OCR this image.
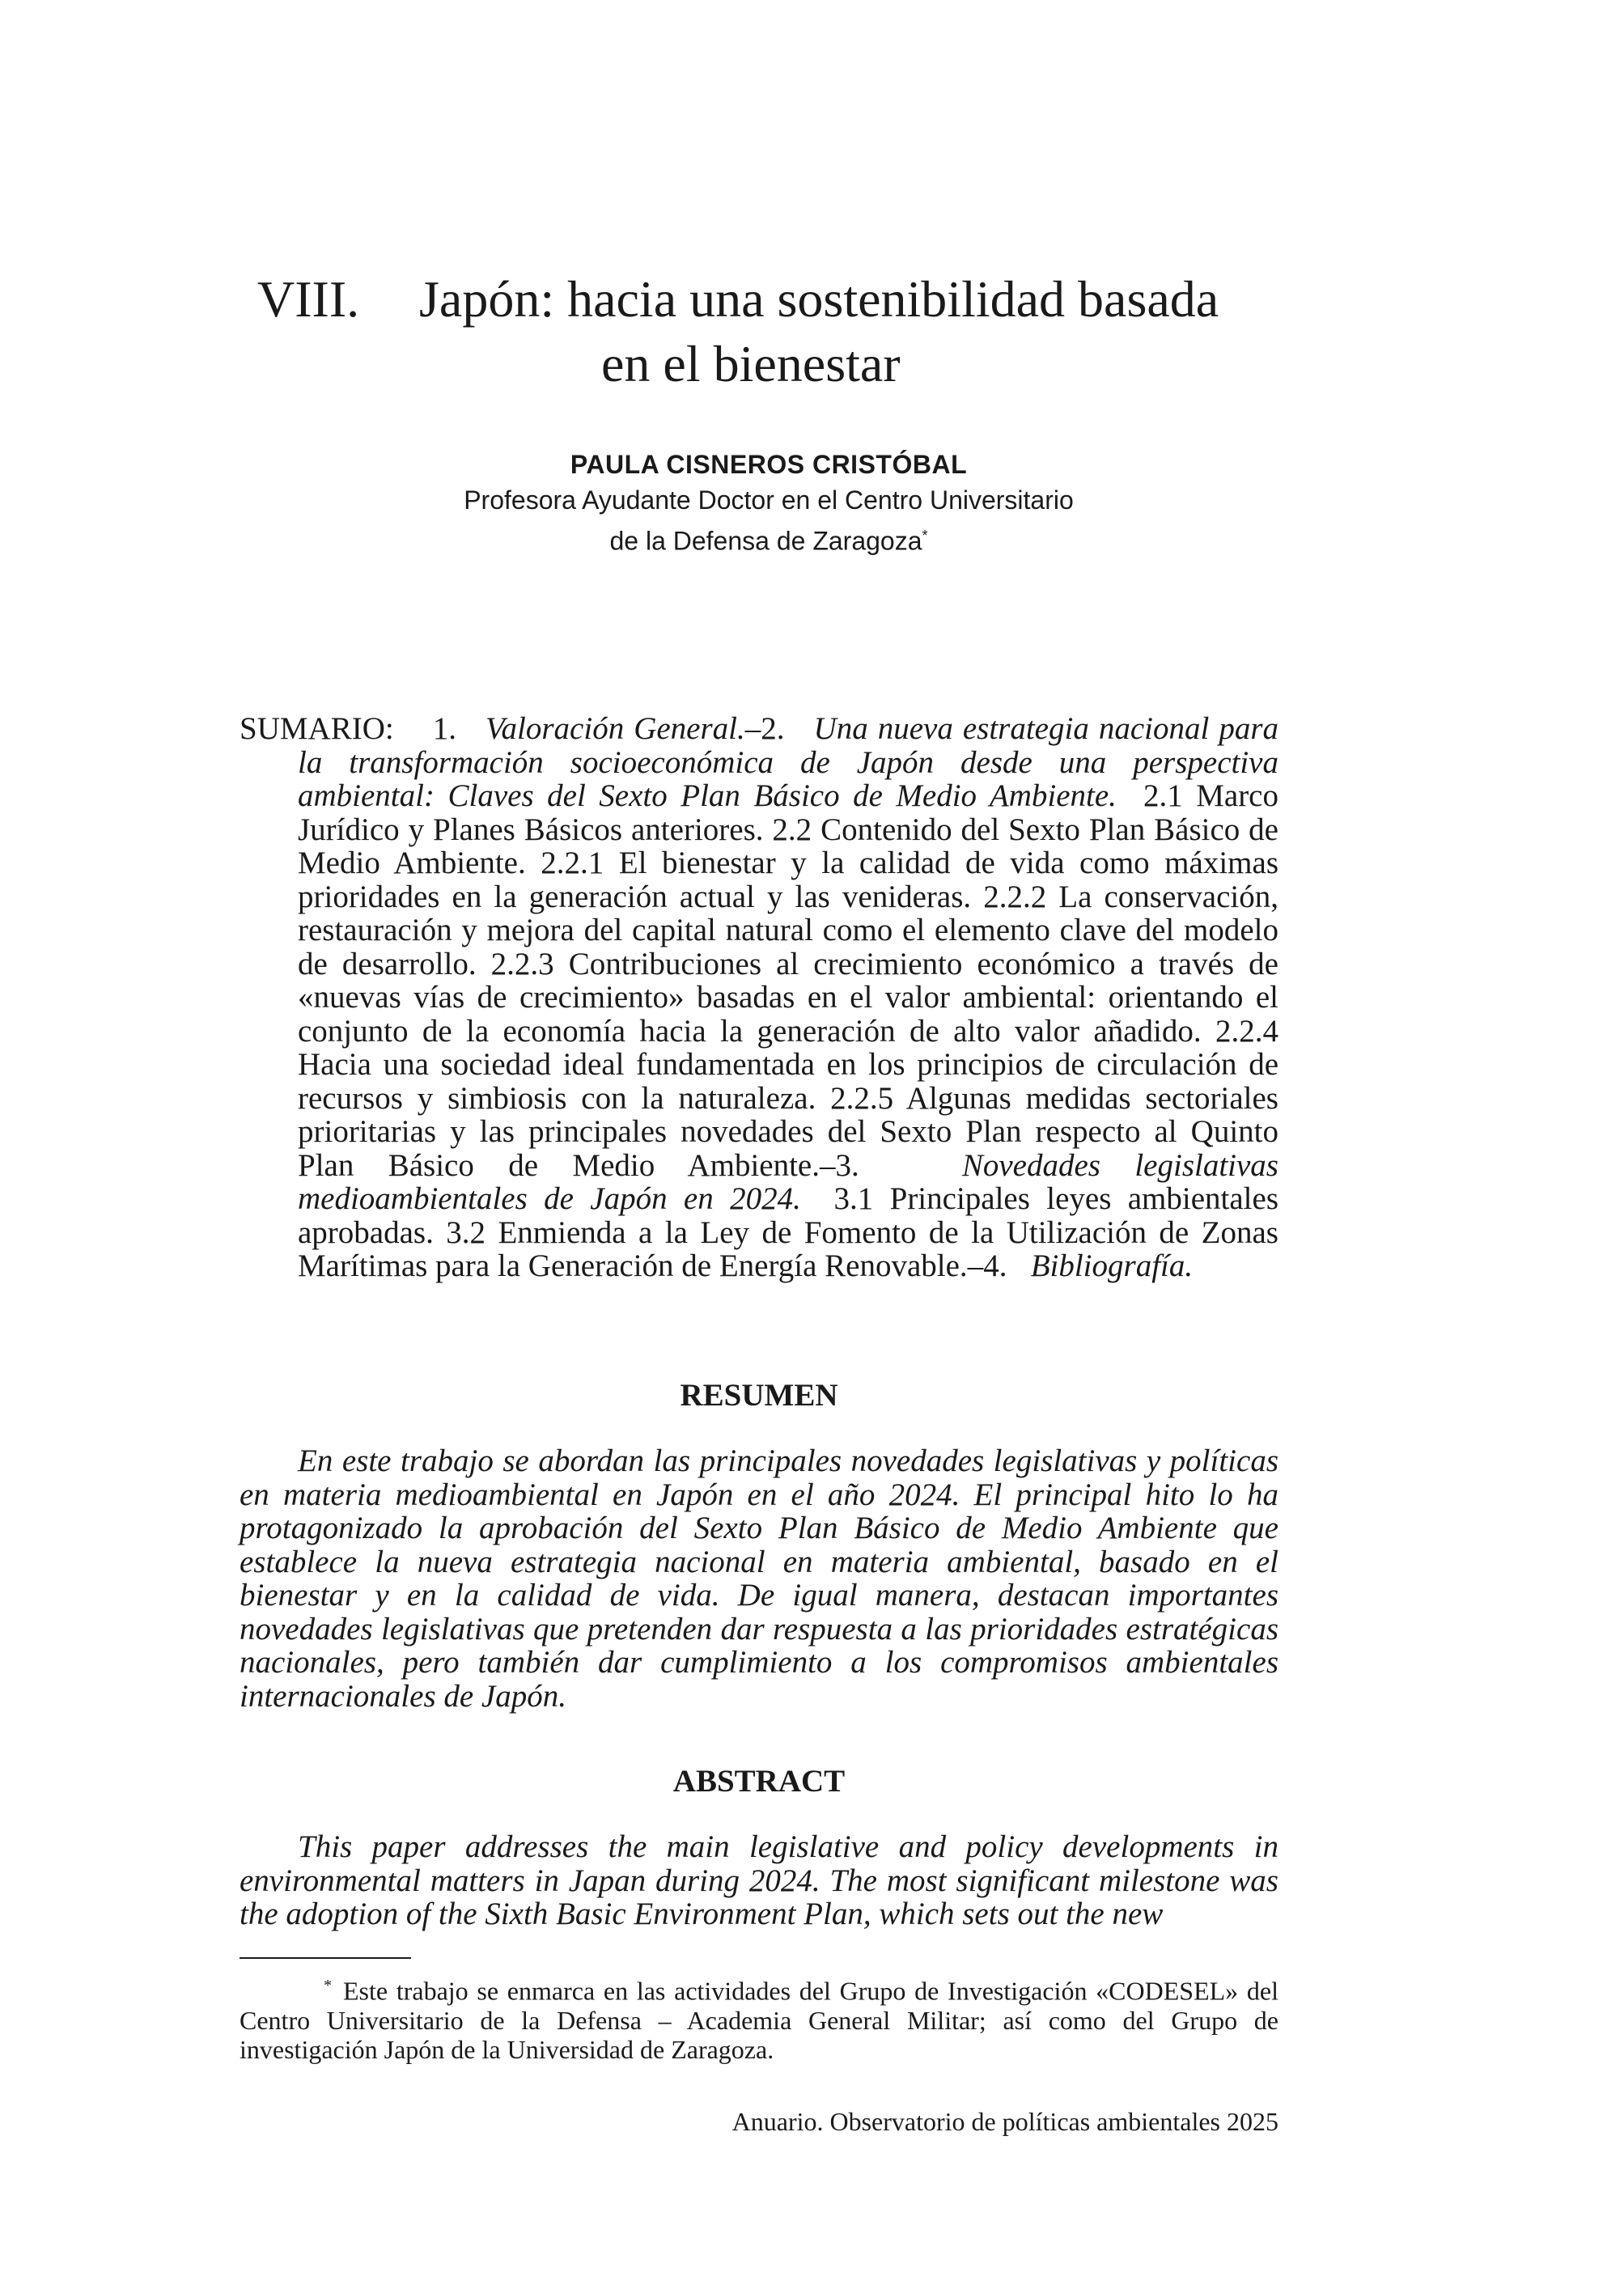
VIII. Japón: hacia una sostenibilidad basada
en el bienestar
PAULA CISNEROS CRISTÓBAL
Profesora Ayudante Doctor en el Centro Universitario
de la Defensa de Zaragoza*

SUMARIO: 1. Valoración General.–2. Una nueva estrategia nacional para la transformación socioeconómica de Japón desde una perspectiva ambiental: Claves del Sexto Plan Básico de Medio Ambiente. 2.1 Marco Jurídico y Planes Básicos anteriores. 2.2 Contenido del Sexto Plan Básico de Medio Ambiente. 2.2.1 El bienestar y la calidad de vida como máximas prioridades en la generación actual y las venideras. 2.2.2 La conservación, restauración y mejora del capital natural como el elemento clave del modelo de desarrollo. 2.2.3 Contribuciones al crecimiento económico a través de «nuevas vías de crecimiento» basadas en el valor ambiental: orientando el conjunto de la economía hacia la generación de alto valor añadido. 2.2.4 Hacia una sociedad ideal fundamentada en los principios de circulación de recursos y simbiosis con la naturaleza. 2.2.5 Algunas medidas sectoriales prioritarias y las principales novedades del Sexto Plan respecto al Quinto Plan Básico de Medio Ambiente.–3.	Novedades legislativas medioambientales de Japón en 2024. 3.1 Principales leyes ambientales aprobadas. 3.2 Enmienda a la Ley de Fomento de la Utilización de Zonas Marítimas para la Generación de Energía Renovable.–4. Bibliografía.

RESUMEN

En este trabajo se abordan las principales novedades legislativas y políticas en materia medioambiental en Japón en el año 2024. El principal hito lo ha protagonizado la aprobación del Sexto Plan Básico de Medio Ambiente que establece la nueva estrategia nacional en materia ambiental, basado en el bienestar y en la calidad de vida. De igual manera, destacan importantes novedades legislativas que pretenden dar respuesta a las prioridades estratégicas nacionales, pero también dar cumplimiento a los compromisos ambientales internacionales de Japón.

ABSTRACT

This paper addresses the main legislative and policy developments in environmental matters in Japan during 2024. The most significant milestone was the adoption of the Sixth Basic Environment Plan, which sets out the new

* Este trabajo se enmarca en las actividades del Grupo de Investigación «CODESEL» del Centro Universitario de la Defensa – Academia General Militar; así como del Grupo de investigación Japón de la Universidad de Zaragoza.

Anuario. Observatorio de políticas ambientales 2025
